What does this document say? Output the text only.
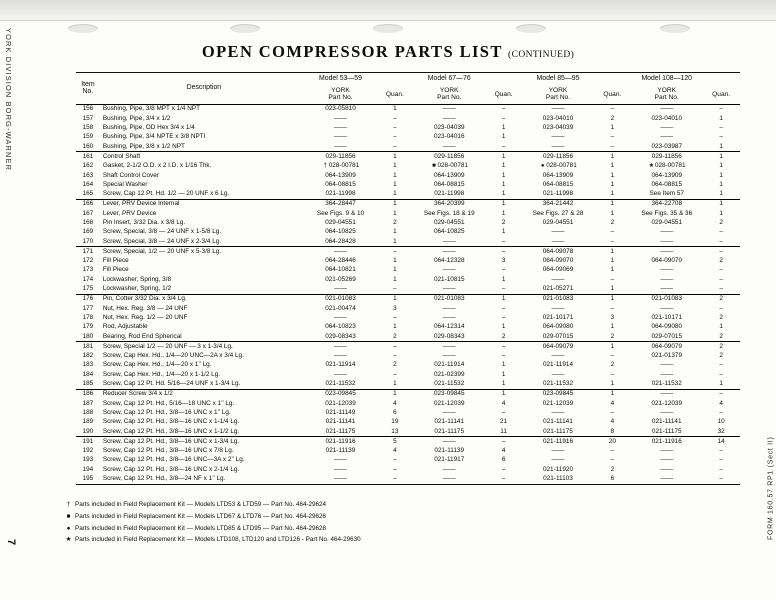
YORK DIVISION BORG-WARNER
FORM 160.57 RP1 (Sect II)
7
OPEN COMPRESSOR PARTS LIST (CONTINUED)
Item
No.	Description	Model 53—59		Model 67—76		Model 85—95		Model 108—120	

YORK
Part No.	Quan.	YORK
Part No.	Quan.	YORK
Part No.	Quan.	YORK
Part No.	Quan.
156	Bushing, Pipe, 3/8 MPT x 1/4 NPT	023-05810	1	——	–	——	–	——	–
157	Bushing, Pipe, 3/4 x 1/2	——	–	——	–	023-04010	2	023-04010	1
158	Bushing, Pipe, OD Hex 3/4 x 1/4	——	–	023-04039	1	023-04039	1	——	–
159	Bushing, Pipe, 3/4 NPTE x 3/8 NPTI	——	–	023-04016	1	——	–	——	–
160	Bushing, Pipe, 3/8 x 1/2 NPT	——	–	——	–	——	–	023-03987	1
161	Control Shaft	029-11856	1	029-11856	1	029-11856	1	029-11856	1
162	Gasket, 2-1/2 O.D. x 2 I.D. x 1/16 Thk.	† 028-00781	1	■ 028-00781	1	● 028-00781	1	★028-00781	1
163	Shaft Control Cover	064-13909	1	064-13909	1	064-13909	1	064-13909	1
164	Special Washer	064-08815	1	064-08815	1	064-08815	1	064-08815	1
165	Screw, Cap 12 Pt. Hd. 1/2 — 20 UNF x 6 Lg.	021-11998	1	021-11998	1	021-11998	1	See Item 57	1
166	Lever, PRV Device Internal	364-28447	1	364-20399	1	364-21442	1	364-22708	1
167	Lever, PRV Device	See Figs. 9 & 10	1	See Figs. 18 & 19	1	See Figs. 27 & 28	1	See Figs. 35 & 36	1
168	Pin Insert, 3/32 Dia. x 3/8 Lg.	029-04551	2	029-04551	2	029-04551	2	029-04551	2
169	Screw, Special, 3/8 — 24 UNF x 1-5/8 Lg.	064-10825	1	064-10825	1	——	–	——	–
170	Screw, Special, 3/8 — 24 UNF x 2-3/4 Lg.	064-28428	1	——	–	——	–	——	–
171	Screw, Special, 1/2 — 20 UNF x 5-3/8 Lg.	——	–	——	–	064-09078	1	——	–
172	Fill Piece	064-28446	1	064-12328	3	064-09070	1	064-09070	2
173	Fill Piece	064-10821	1	——	–	064-09069	1	——	–
174	Lockwasher, Spring, 3/8	021-05269	1	021-10815	1	——	–	——	–
175	Lockwasher, Spring, 1/2	——	–	——	–	021-05271	1	——	–
176	Pin, Cotter 3/32 Dia. x 3/4 Lg.	021-01083	1	021-01083	1	021-01083	1	021-01083	2
177	Nut, Hex. Reg. 3/8 — 24 UNF	021-00474	3	——	–	——	–	——	–
178	Nut, Hex. Reg. 1/2 — 20 UNF	——	–	——	–	021-10171	3	021-10171	2
179	Rod, Adjustable	064-10823	1	064-12314	1	064-09080	1	064-09080	1
180	Bearing, Rod End Spherical	029-08343	2	029-08343	2	029-07015	2	029-07015	2
181	Screw, Special 1/2 — 20 UNF — 3 x 1-3/4 Lg.	——	–	——	–	064-09079	1	064-09079	2
182	Screw, Cap Hex. Hd., 1/4—20 UNC—2A x 3/4 Lg.	——	–	——	–	——	–	021-01379	2
183	Screw, Cap Hex. Hd., 1/4—20 x 1’’ Lg.	021-11914	2	021-11914	1	021-11914	2	——	–
184	Screw, Cap Hex. Hd., 1/4—20 x 1-1/2 Lg.	——	–	021-02399	1	——	–	——	–
185	Screw, Cap 12 Pt. Hd. 5/16—24 UNF x 1-3/4 Lg.	021-11532	1	021-11532	1	021-11532	1	021-11532	1
186	Reducer Screw 3/4 x 1/2	023-09845	1	023-09845	1	023-09845	1	——	–
187	Screw, Cap 12 Pt. Hd., 5/16—18 UNC x 1’’ Lg.	021-12039	4	021-12039	4	021-12039	4	021-12039	4
188	Screw, Cap 12 Pt. Hd., 3/8—16 UNC x 1’’ Lg.	021-11149	6	——	–	——	–	——	–
189	Screw, Cap 12 Pt. Hd., 3/8—16 UNC x 1-1/4 Lg.	021-11141	19	021-11141	21	021-11141	4	021-11141	10
190	Screw, Cap 12 Pt. Hd., 3/8—16 UNC x 1-1/2 Lg.	021-11175	13	021-11175	11	021-11175	8	021-11175	32
191	Screw, Cap 12 Pt. Hd., 3/8—16 UNC x 1-3/4 Lg.	021-11916	5	——	–	021-11916	20	021-11916	14
192	Screw, Cap 12 Pt. Hd., 3/8—16 UNC x 7/8 Lg.	021-11139	4	021-11139	4	——	–	——	–
193	Screw, Cap 12 Pt. Hd., 3/8—16 UNC—3A x 2’’ Lg.	——	–	021-11917	6	——	–	——	–
194	Screw, Cap 12 Pt. Hd., 3/8—16 UNC x 2-1/4 Lg.	——	–	——	–	021-11920	2	——	–
195	Screw, Cap 12 Pt. Hd., 3/8—24 NF x 1’’ Lg.	——	–	——	–	021-11103	6	——	–
† Parts included in Field Replacement Kit — Models LTD53 & LTD59 — Part No. 464-29624
■ Parts included in Field Replacement Kit — Models LTD67 & LTD76 — Part No. 464-29626
● Parts included in Field Replacement Kit — Models LTD85 & LTD95 — Part No. 464-29628
★ Parts included in Field Replacement Kit — Models LTD108, LTD120 and LTD126 - Part No. 464-29630
